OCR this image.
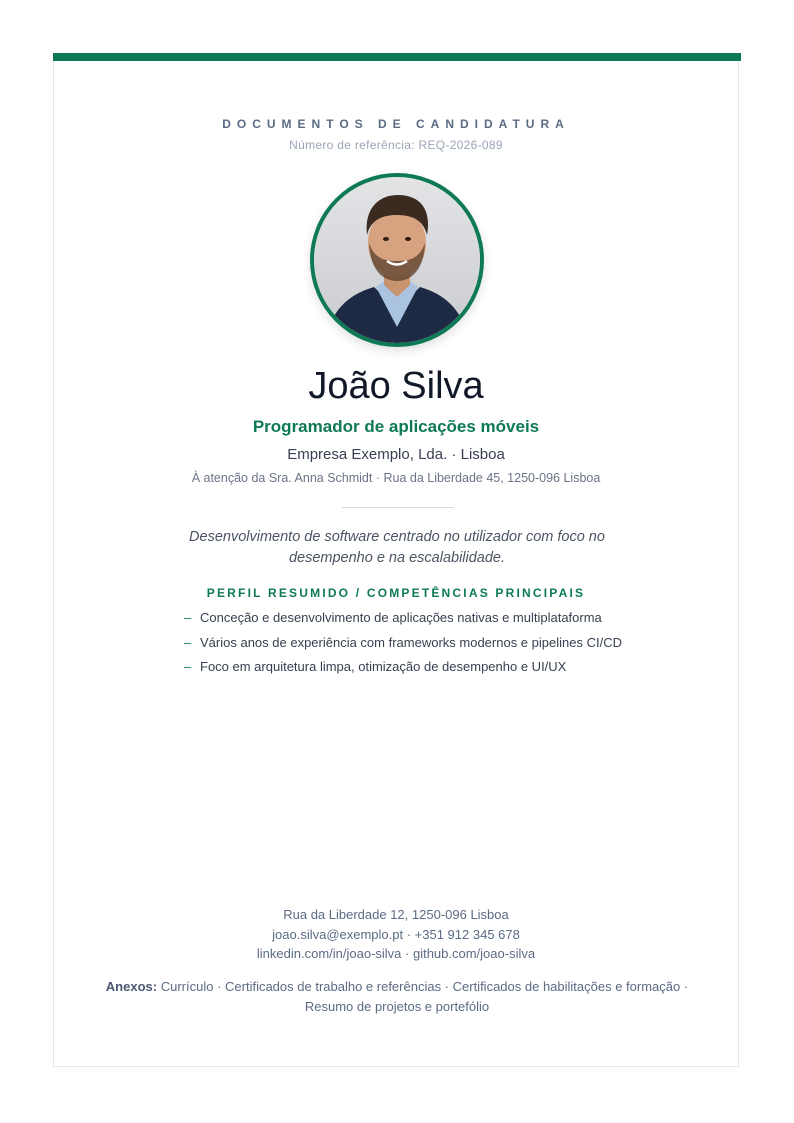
DOCUMENTOS DE CANDIDATURA
Número de referência: REQ-2026-089
João Silva
Programador de aplicações móveis
Empresa Exemplo, Lda. · Lisboa
À atenção da Sra. Anna Schmidt · Rua da Liberdade 45, 1250-096 Lisboa
Desenvolvimento de software centrado no utilizador com foco no desempenho e na escalabilidade.
PERFIL RESUMIDO / COMPETÊNCIAS PRINCIPAIS
– Conceção e desenvolvimento de aplicações nativas e multiplataforma
– Vários anos de experiência com frameworks modernos e pipelines CI/CD
– Foco em arquitetura limpa, otimização de desempenho e UI/UX
Rua da Liberdade 12, 1250-096 Lisboa
joao.silva@exemplo.pt · +351 912 345 678
linkedin.com/in/joao-silva · github.com/joao-silva
Anexos: Currículo · Certificados de trabalho e referências · Certificados de habilitações e formação · Resumo de projetos e portefólio
